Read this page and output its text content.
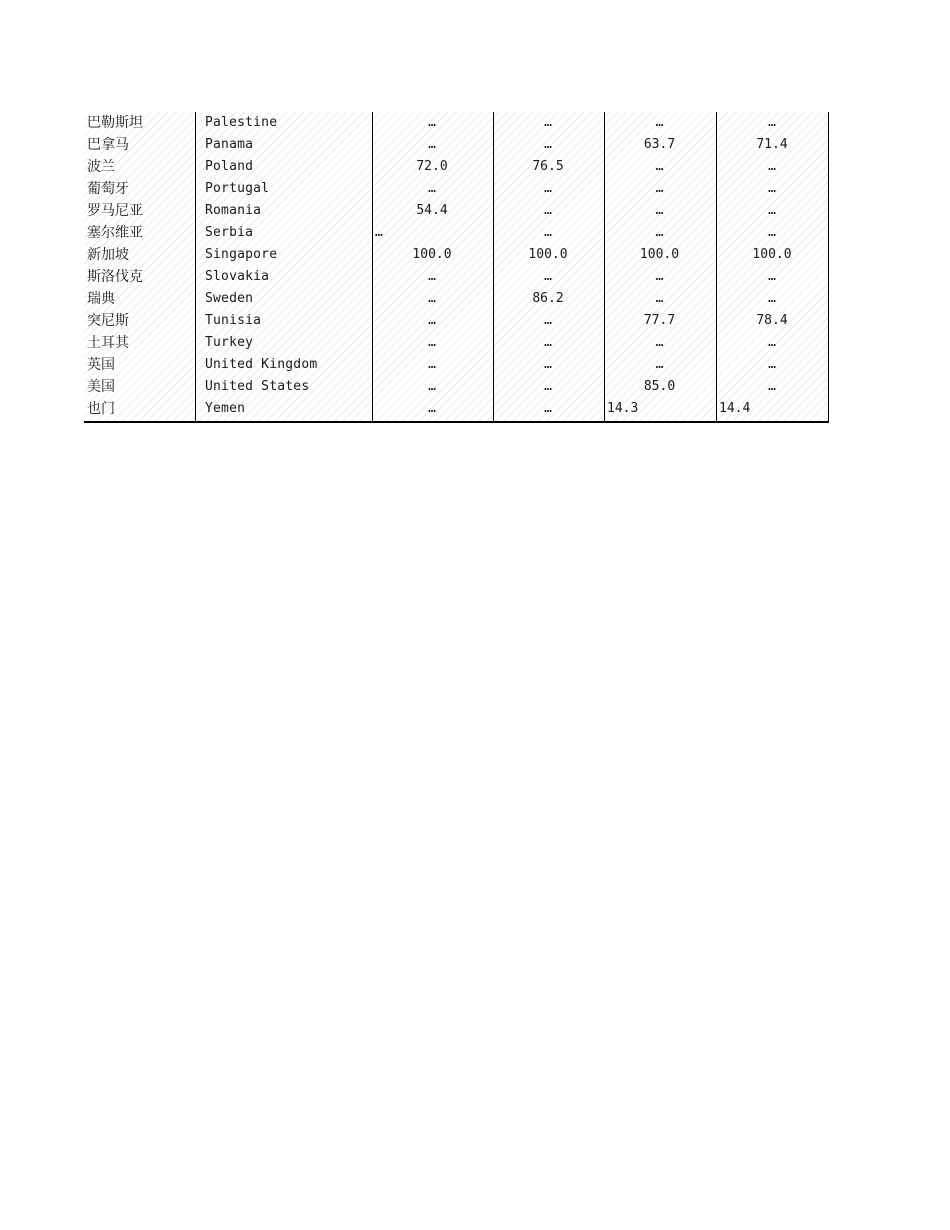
巴勒斯坦	Palestine	…	…	…	…
巴拿马	Panama	…	…	63.7	71.4
波兰	Poland	72.0	76.5	…	…
葡萄牙	Portugal	…	…	…	…
罗马尼亚	Romania	54.4	…	…	…
塞尔维亚	Serbia	…	…	…	…
新加坡	Singapore	100.0	100.0	100.0	100.0
斯洛伐克	Slovakia	…	…	…	…
瑞典	Sweden	…	86.2	…	…
突尼斯	Tunisia	…	…	77.7	78.4
土耳其	Turkey	…	…	…	…
英国	United Kingdom	…	…	…	…
美国	United States	…	…	85.0	…
也门	Yemen	…	…	14.3	14.4
